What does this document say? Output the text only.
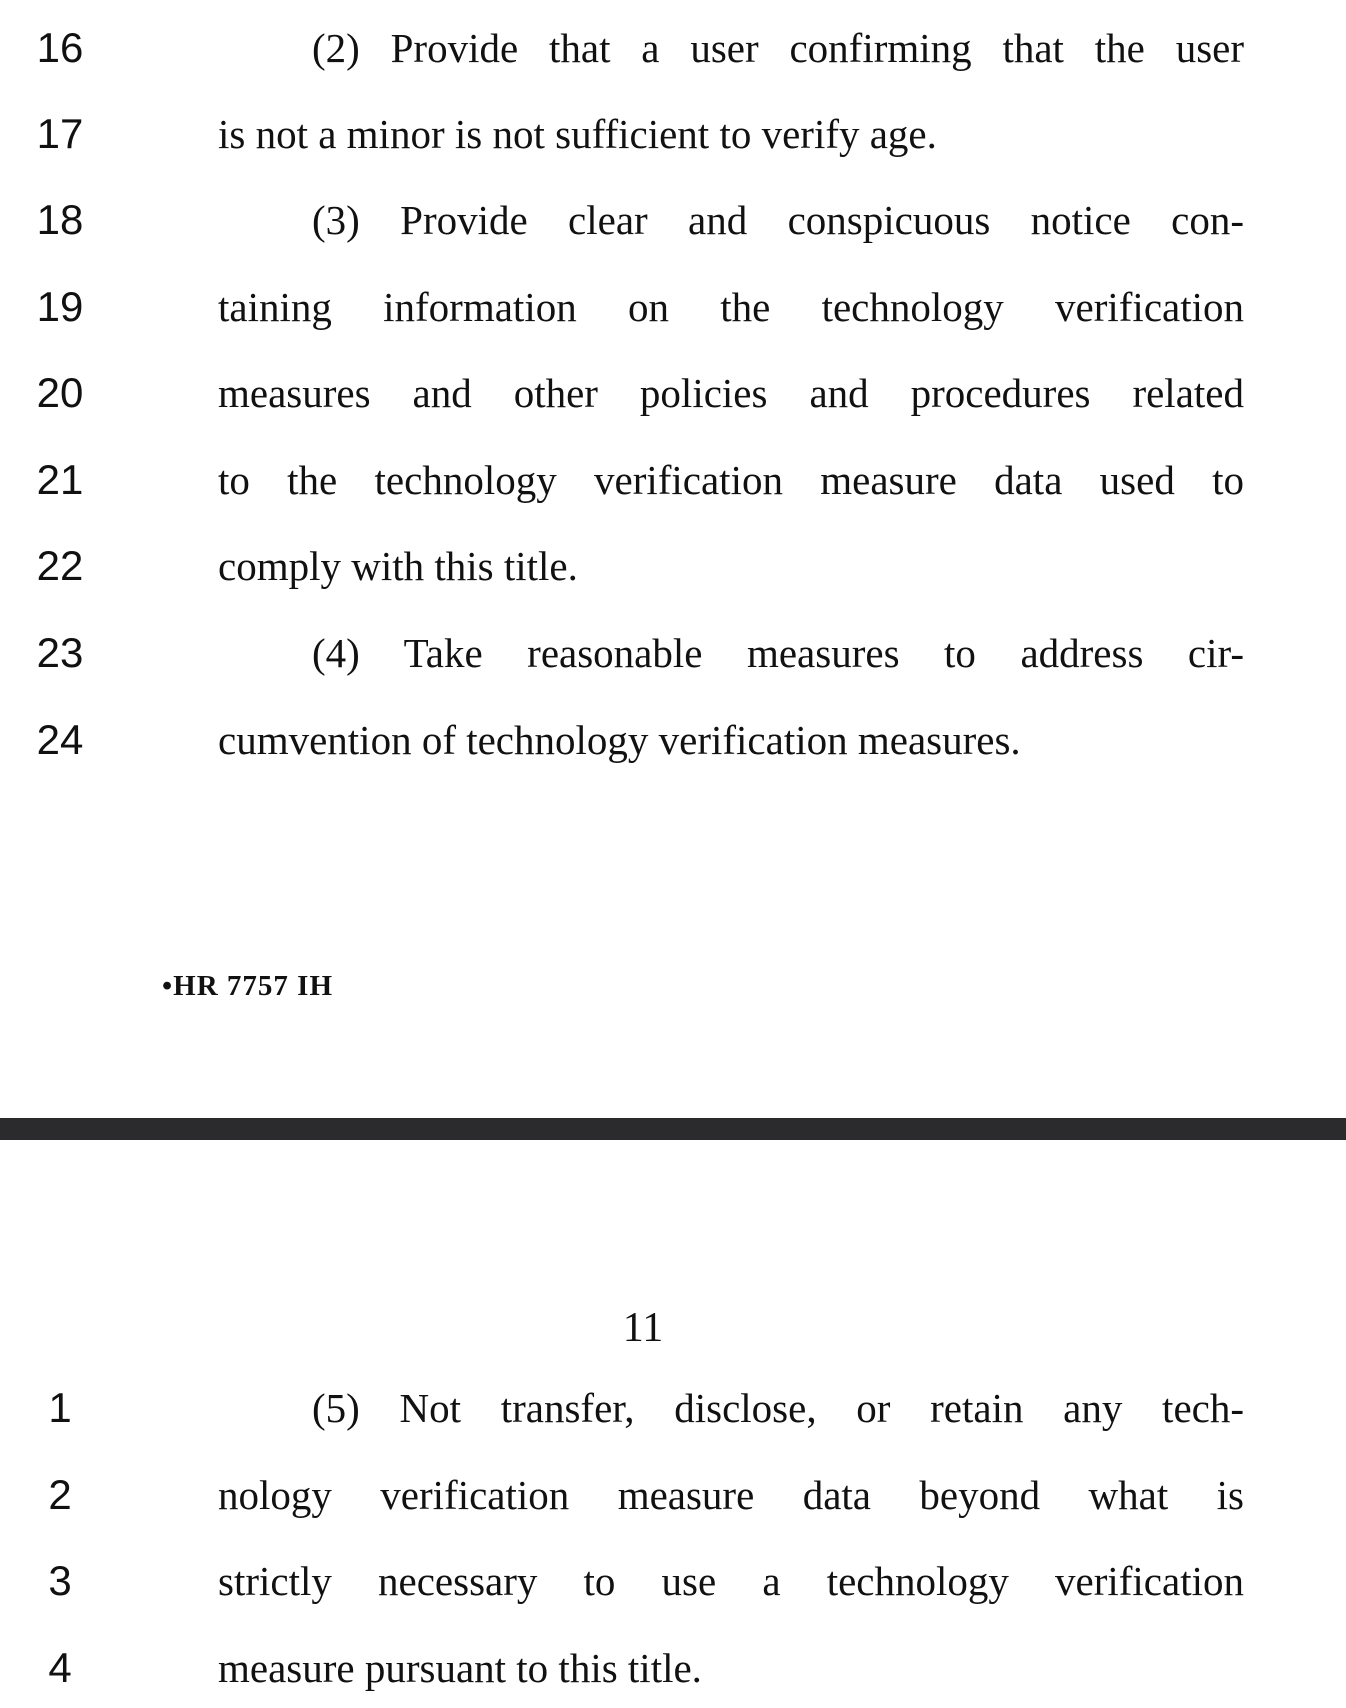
16	(2) Provide that a user confirming that the user
17	is not a minor is not sufficient to verify age.
18	(3) Provide clear and conspicuous notice con-
19	taining information on the technology verification
20	measures and other policies and procedures related
21	to the technology verification measure data used to
22	comply with this title.
23	(4) Take reasonable measures to address cir-
24	cumvention of technology verification measures.
•HR 7757 IH
11
1	(5) Not transfer, disclose, or retain any tech-
2	nology verification measure data beyond what is
3	strictly necessary to use a technology verification
4	measure pursuant to this title.
